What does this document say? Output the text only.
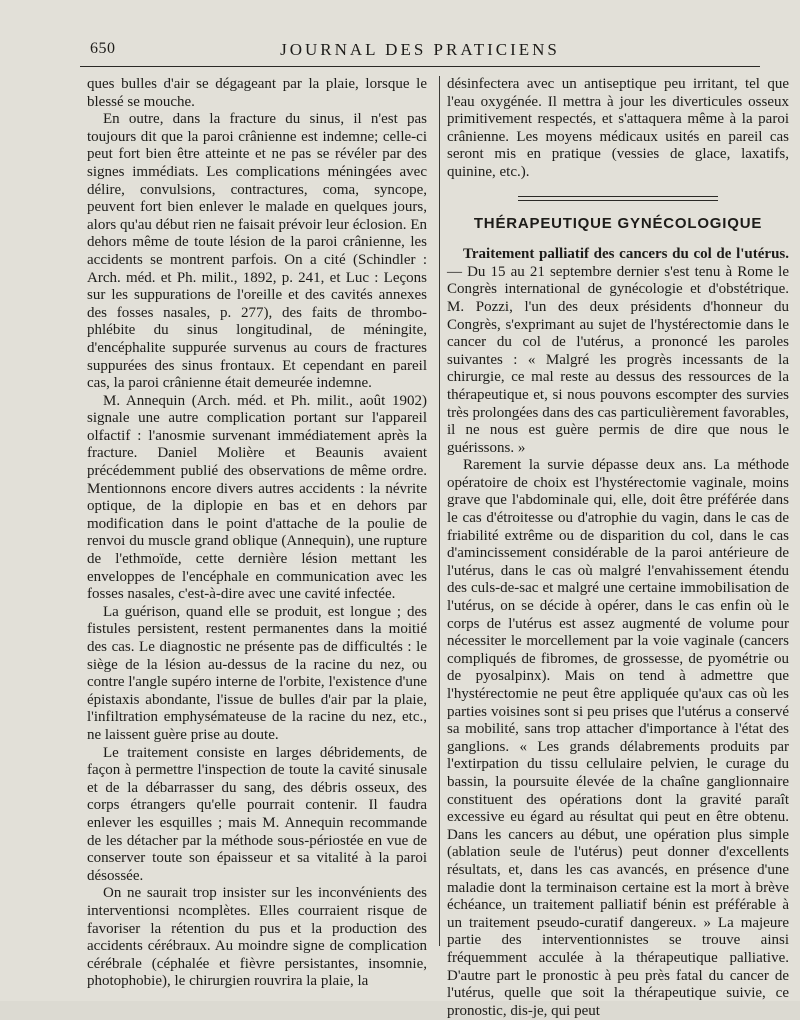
650	JOURNAL DES PRATICIENS

ques bulles d'air se dégageant par la plaie, lorsque le blessé se mouche.

En outre, dans la fracture du sinus, il n'est pas toujours dit que la paroi crânienne est indemne; celle-ci peut fort bien être atteinte et ne pas se révéler par des signes immédiats. Les complications méningées avec délire, convulsions, contractures, coma, syncope, peuvent fort bien enlever le malade en quelques jours, alors qu'au début rien ne faisait prévoir leur éclosion. En dehors même de toute lésion de la paroi crânienne, les accidents se montrent parfois. On a cité (Schindler : Arch. méd. et Ph. milit., 1892, p. 241, et Luc : Leçons sur les suppurations de l'oreille et des cavités annexes des fosses nasales, p. 277), des faits de thrombo-phlébite du sinus longitudinal, de méningite, d'encéphalite suppurée survenus au cours de fractures suppurées des sinus frontaux. Et cependant en pareil cas, la paroi crânienne était demeurée indemne.

M. Annequin (Arch. méd. et Ph. milit., août 1902) signale une autre complication portant sur l'appareil olfactif : l'anosmie survenant immédiatement après la fracture. Daniel Molière et Beaunis avaient précédemment publié des observations de même ordre. Mentionnons encore divers autres accidents : la névrite optique, de la diplopie en bas et en dehors par modification dans le point d'attache de la poulie de renvoi du muscle grand oblique (Annequin), une rupture de l'ethmoïde, cette dernière lésion mettant les enveloppes de l'encéphale en communication avec les fosses nasales, c'est-à-dire avec une cavité infectée.

La guérison, quand elle se produit, est longue ; des fistules persistent, restent permanentes dans la moitié des cas. Le diagnostic ne présente pas de difficultés : le siège de la lésion au-dessus de la racine du nez, ou contre l'angle supéro interne de l'orbite, l'existence d'une épistaxis abondante, l'issue de bulles d'air par la plaie, l'infiltration emphysémateuse de la racine du nez, etc., ne laissent guère prise au doute.

Le traitement consiste en larges débridements, de façon à permettre l'inspection de toute la cavité sinusale et de la débarrasser du sang, des débris osseux, des corps étrangers qu'elle pourrait contenir. Il faudra enlever les esquilles ; mais M. Annequin recommande de les détacher par la méthode sous-périostée en vue de conserver toute son épaisseur et sa vitalité à la paroi désossée.

On ne saurait trop insister sur les inconvénients des interventionsi ncomplètes. Elles courraient risque de favoriser la rétention du pus et la production des accidents cérébraux. Au moindre signe de complication cérébrale (céphalée et fièvre persistantes, insomnie, photophobie), le chirurgien rouvrira la plaie, la

désinfectera avec un antiseptique peu irritant, tel que l'eau oxygénée. Il mettra à jour les diverticules osseux primitivement respectés, et s'attaquera même à la paroi crânienne. Les moyens médicaux usités en pareil cas seront mis en pratique (vessies de glace, laxatifs, quinine, etc.).

THÉRAPEUTIQUE GYNÉCOLOGIQUE

Traitement palliatif des cancers du col de l'utérus. — Du 15 au 21 septembre dernier s'est tenu à Rome le Congrès international de gynécologie et d'obstétrique. M. Pozzi, l'un des deux présidents d'honneur du Congrès, s'exprimant au sujet de l'hystérectomie dans le cancer du col de l'utérus, a prononcé les paroles suivantes : « Malgré les progrès incessants de la chirurgie, ce mal reste au dessus des ressources de la thérapeutique et, si nous pouvons escompter des survies très prolongées dans des cas particulièrement favorables, il ne nous est guère permis de dire que nous le guérissons. »

Rarement la survie dépasse deux ans. La méthode opératoire de choix est l'hystérectomie vaginale, moins grave que l'abdominale qui, elle, doit être préférée dans le cas d'étroitesse ou d'atrophie du vagin, dans le cas de friabilité extrême ou de disparition du col, dans le cas d'amincissement considérable de la paroi antérieure de l'utérus, dans le cas où malgré l'envahissement étendu des culs-de-sac et malgré une certaine immobilisation de l'utérus, on se décide à opérer, dans le cas enfin où le corps de l'utérus est assez augmenté de volume pour nécessiter le morcellement par la voie vaginale (cancers compliqués de fibromes, de grossesse, de pyométrie ou de pyosalpinx). Mais on tend à admettre que l'hystérectomie ne peut être appliquée qu'aux cas où les parties voisines sont si peu prises que l'utérus a conservé sa mobilité, sans trop attacher d'importance à l'état des ganglions. « Les grands délabrements produits par l'extirpation du tissu cellulaire pelvien, le curage du bassin, la poursuite élevée de la chaîne ganglionnaire constituent des opérations dont la gravité paraît excessive eu égard au résultat qui peut en être obtenu. Dans les cancers au début, une opération plus simple (ablation seule de l'utérus) peut donner d'excellents résultats, et, dans les cas avancés, en présence d'une maladie dont la terminaison certaine est la mort à brève échéance, un traitement palliatif bénin est préférable à un traitement pseudo-curatif dangereux. » La majeure partie des interventionnistes se trouve ainsi fréquemment acculée à la thérapeutique palliative. D'autre part le pronostic à peu près fatal du cancer de l'utérus, quelle que soit la thérapeutique suivie, ce pronostic, dis-je, qui peut
